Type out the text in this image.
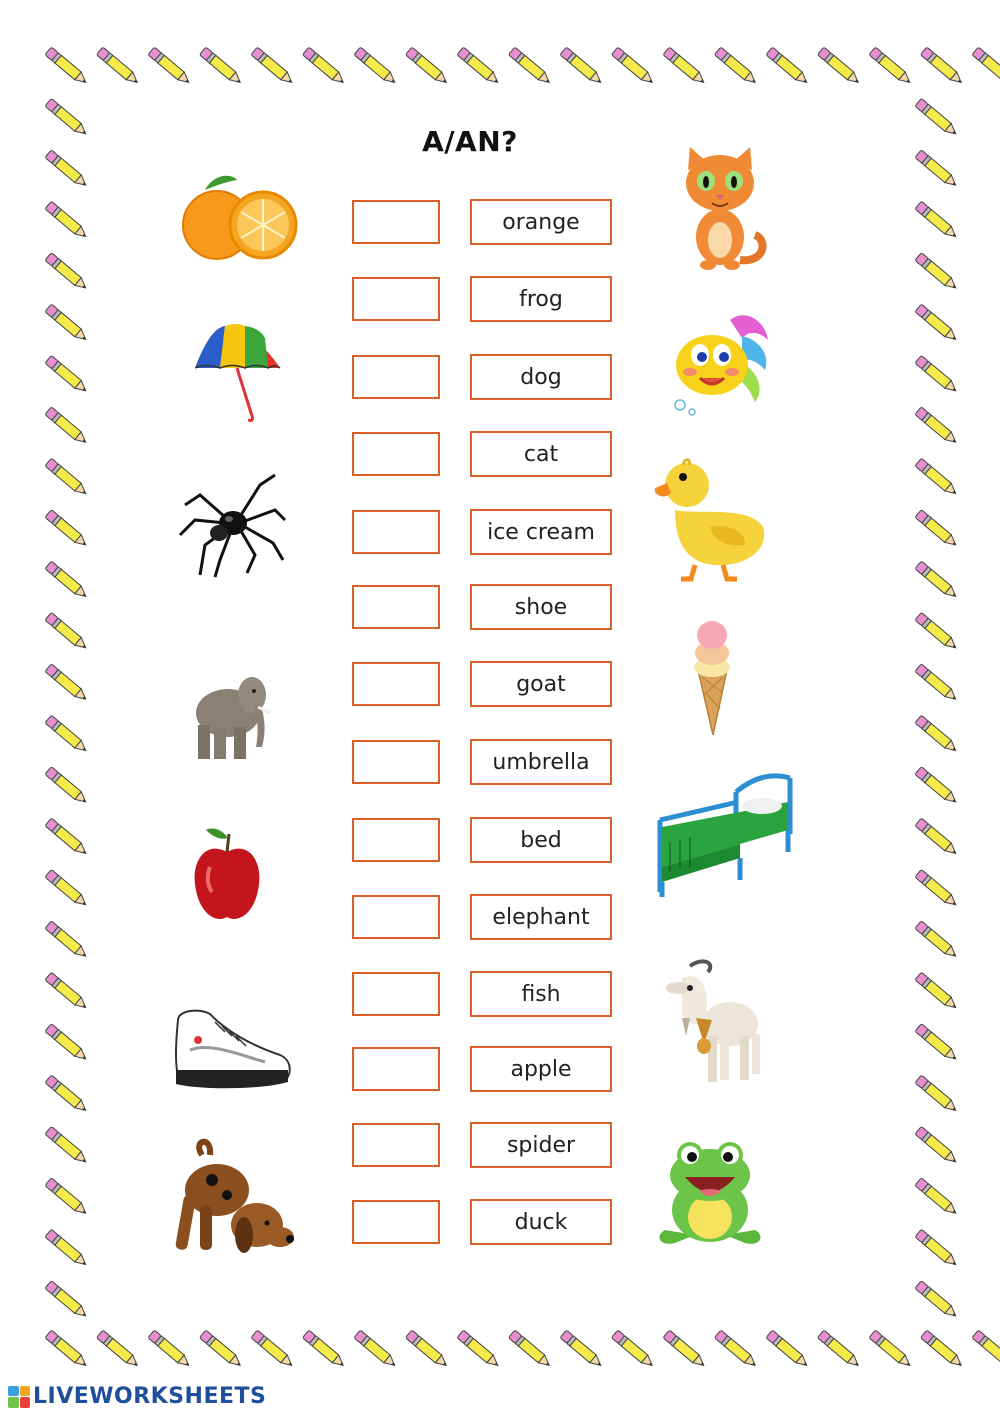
A/AN?
orange
frog
dog
cat
ice cream
shoe
goat
umbrella
bed
elephant
fish
apple
spider
duck
LIVEWORKSHEETS
